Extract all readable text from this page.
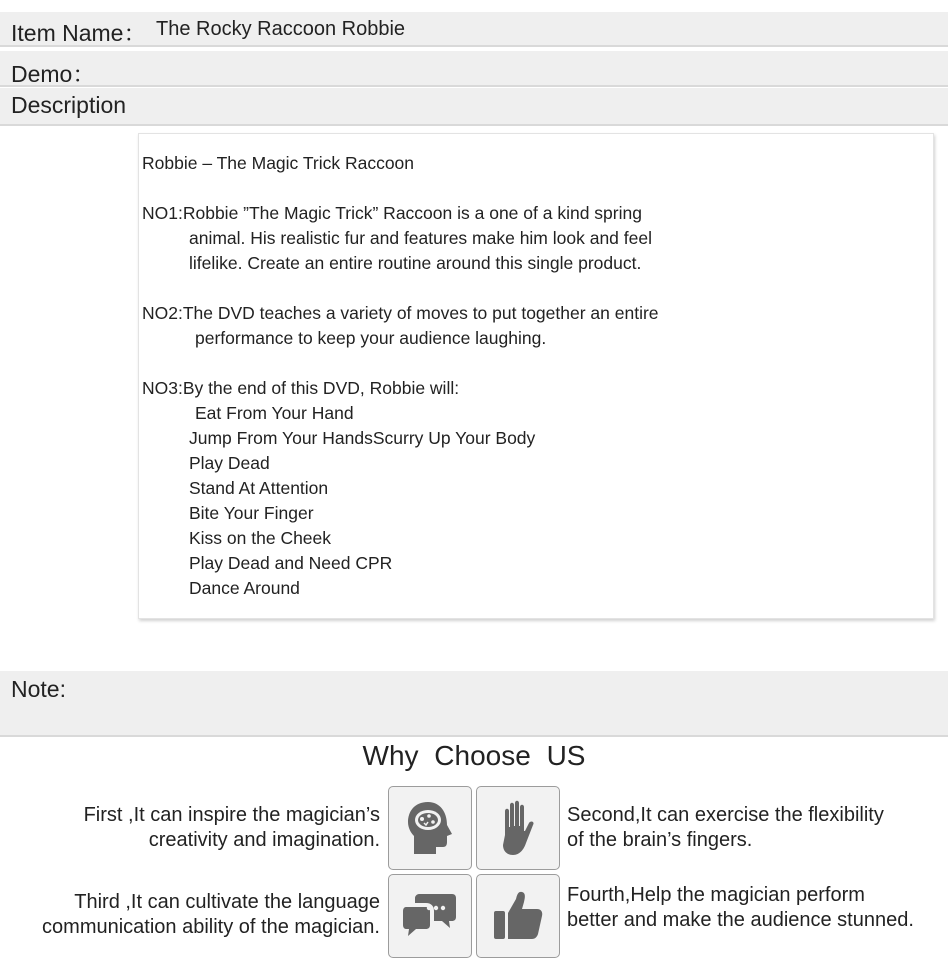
Item Name： The Rocky Raccoon Robbie
Demo：
Description
Robbie – The Magic Trick Raccoon
NO1:Robbie ”The Magic Trick” Raccoon is a one of a kind spring
animal. His realistic fur and features make him look and feel
lifelike. Create an entire routine around this single product.
NO2:The DVD teaches a variety of moves to put together an entire
performance to keep your audience laughing.
NO3:By the end of this DVD, Robbie will:
Eat From Your Hand
Jump From Your HandsScurry Up Your Body
Play Dead
Stand At Attention
Bite Your Finger
Kiss on the Cheek
Play Dead and Need CPR
Dance Around
Note:
Why Choose US
First ,It can inspire the magician’s
creativity and imagination.
Second,It can exercise the flexibility
of the brain’s fingers.
Third ,It can cultivate the language
communication ability of the magician.
Fourth,Help the magician perform
better and make the audience stunned.
